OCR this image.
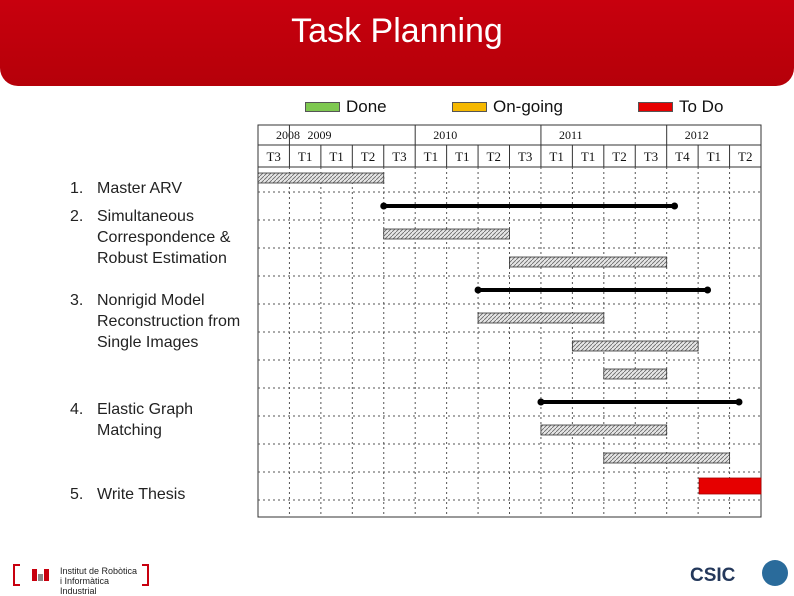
Task Planning
Done	On-going	To Do
1. Master ARV
2. Simultaneous Correspondence & Robust Estimation
3. Nonrigid Model Reconstruction from Single Images
4. Elastic Graph Matching
5. Write Thesis
2008 2009	2010	2011	2012
T3 T1 T1 T2 T3 T1 T1 T2 T3 T1 T1 T2 T3 T4 T1 T2
Institut de Robòtica
i Informàtica Industrial
CSIC
